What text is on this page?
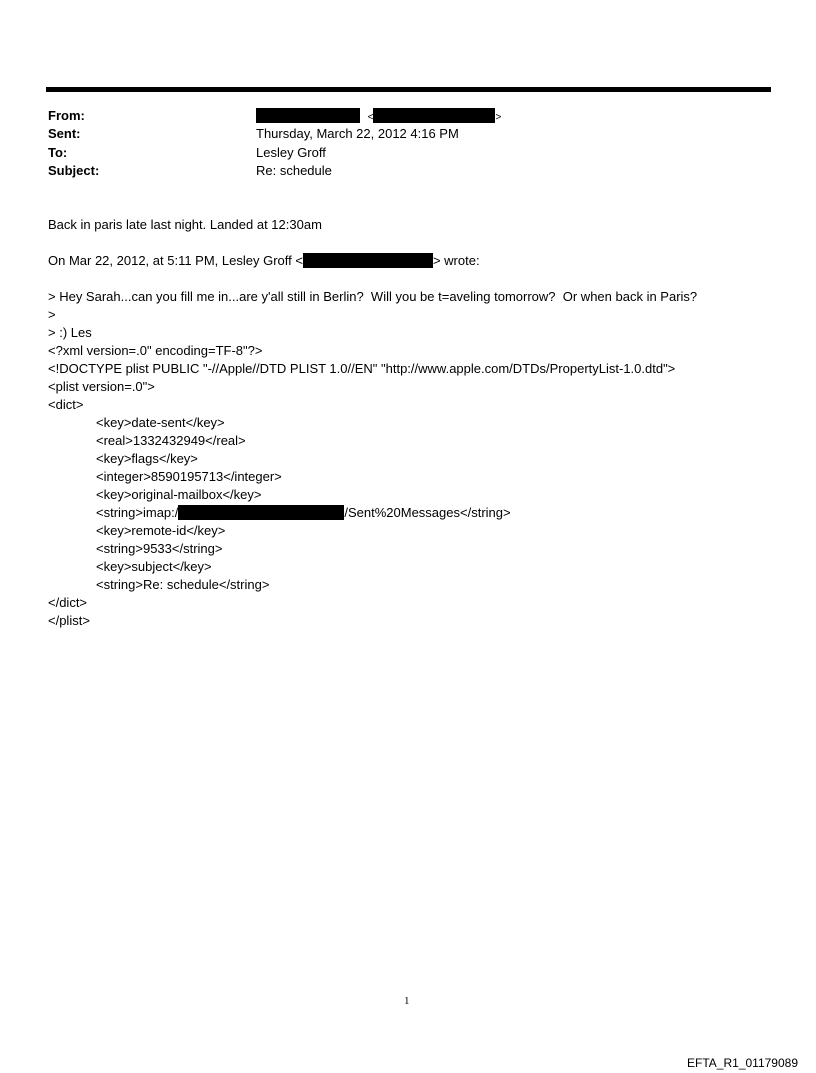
From:	<	>
Sent:	Thursday, March 22, 2012 4:16 PM
To:	Lesley Groff
Subject:	Re: schedule
Back in paris late last night. Landed at 12:30am
On Mar 22, 2012, at 5:11 PM, Lesley Groff <	> wrote:
> Hey Sarah...can you fill me in...are y'all still in Berlin?  Will you be t=aveling tomorrow?  Or when back in Paris?
>
> :) Les
<?xml version=.0" encoding=TF-8"?>
<!DOCTYPE plist PUBLIC "-//Apple//DTD PLIST 1.0//EN" "http://www.apple.com/DTDs/PropertyList-1.0.dtd">
<plist version=.0">
<dict>
<key>date-sent</key>
<real>1332432949</real>
<key>flags</key>
<integer>8590195713</integer>
<key>original-mailbox</key>
<string>imap:/	/Sent%20Messages</string>
<key>remote-id</key>
<string>9533</string>
<key>subject</key>
<string>Re: schedule</string>
</dict>
</plist>
1
EFTA_R1_01179089
